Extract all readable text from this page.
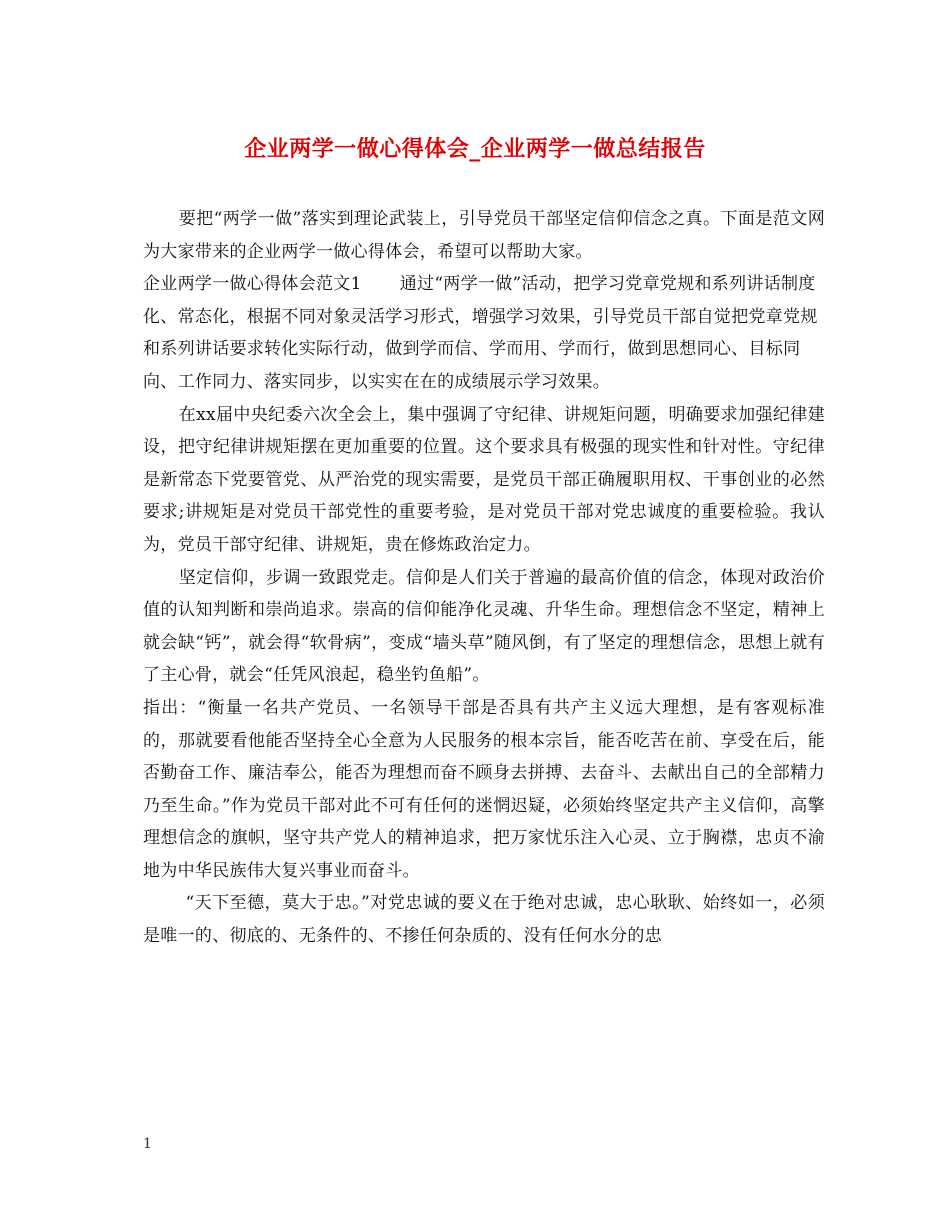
企业两学一做心得体会_企业两学一做总结报告

要把“两学一做”落实到理论武装上，引导党员干部坚定信仰信念之真。下面是范文网为大家带来的企业两学一做心得体会，希望可以帮助大家。

企业两学一做心得体会范文1 通过“两学一做”活动，把学习党章党规和系列讲话制度化、常态化，根据不同对象灵活学习形式，增强学习效果，引导党员干部自觉把党章党规和系列讲话要求转化实际行动，做到学而信、学而用、学而行，做到思想同心、目标同向、工作同力、落实同步，以实实在在的成绩展示学习效果。

在xx届中央纪委六次全会上，集中强调了守纪律、讲规矩问题，明确要求加强纪律建设，把守纪律讲规矩摆在更加重要的位置。这个要求具有极强的现实性和针对性。守纪律是新常态下党要管党、从严治党的现实需要，是党员干部正确履职用权、干事创业的必然要求;讲规矩是对党员干部党性的重要考验，是对党员干部对党忠诚度的重要检验。我认为，党员干部守纪律、讲规矩，贵在修炼政治定力。

坚定信仰，步调一致跟党走。信仰是人们关于普遍的最高价值的信念，体现对政治价值的认知判断和崇尚追求。崇高的信仰能净化灵魂、升华生命。理想信念不坚定，精神上就会缺“钙”，就会得“软骨病”，变成“墙头草”随风倒，有了坚定的理想信念，思想上就有了主心骨，就会“任凭风浪起，稳坐钓鱼船”。

指出：“衡量一名共产党员、一名领导干部是否具有共产主义远大理想，是有客观标准的，那就要看他能否坚持全心全意为人民服务的根本宗旨，能否吃苦在前、享受在后，能否勤奋工作、廉洁奉公，能否为理想而奋不顾身去拼搏、去奋斗、去献出自己的全部精力乃至生命。”作为党员干部对此不可有任何的迷惘迟疑，必须始终坚定共产主义信仰，高擎理想信念的旗帜，坚守共产党人的精神追求，把万家忧乐注入心灵、立于胸襟，忠贞不渝地为中华民族伟大复兴事业而奋斗。

“天下至德，莫大于忠。”对党忠诚的要义在于绝对忠诚，忠心耿耿、始终如一，必须是唯一的、彻底的、无条件的、不掺任何杂质的、没有任何水分的忠

1
